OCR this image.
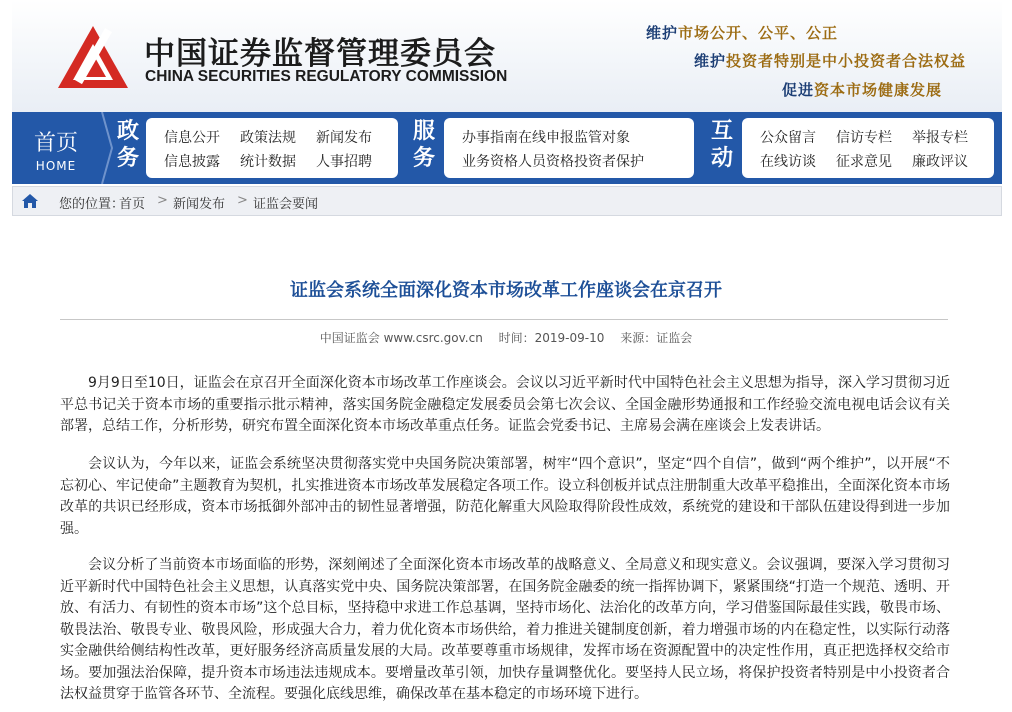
中国证券监督管理委员会
CHINA SECURITIES REGULATORY COMMISSION
维护市场公开、公平、公正
维护投资者特别是中小投资者合法权益
促进资本市场健康发展
首页
HOME
政
务
信息公开 政策法规 新闻发布
信息披露 统计数据 人事招聘
服
务
办事指南 在线申报 监管对象
业务资格 人员资格 投资者保护
互
动
公众留言 信访专栏 举报专栏
在线访谈 征求意见 廉政评议
您的位置：
首页 > 新闻发布 > 证监会要闻
证监会系统全面深化资本市场改革工作座谈会在京召开
中国证监会 www.csrc.gov.cn 时间：2019-09-10 来源：证监会
9月9日至10日，证监会在京召开全面深化资本市场改革工作座谈会。会议以习近平新时代中国特色社会主义思想为指导，深入学习贯彻习近平总书记关于资本市场的重要指示批示精神，落实国务院金融稳定发展委员会第七次会议、全国金融形势通报和工作经验交流电视电话会议有关部署，总结工作，分析形势，研究布置全面深化资本市场改革重点任务。证监会党委书记、主席易会满在座谈会上发表讲话。
会议认为，今年以来，证监会系统坚决贯彻落实党中央国务院决策部署，树牢“四个意识”，坚定“四个自信”，做到“两个维护”，以开展“不忘初心、牢记使命”主题教育为契机，扎实推进资本市场改革发展稳定各项工作。设立科创板并试点注册制重大改革平稳推出，全面深化资本市场改革的共识已经形成，资本市场抵御外部冲击的韧性显著增强，防范化解重大风险取得阶段性成效，系统党的建设和干部队伍建设得到进一步加强。
会议分析了当前资本市场面临的形势，深刻阐述了全面深化资本市场改革的战略意义、全局意义和现实意义。会议强调，要深入学习贯彻习近平新时代中国特色社会主义思想，认真落实党中央、国务院决策部署，在国务院金融委的统一指挥协调下，紧紧围绕“打造一个规范、透明、开放、有活力、有韧性的资本市场”这个总目标，坚持稳中求进工作总基调，坚持市场化、法治化的改革方向，学习借鉴国际最佳实践，敬畏市场、敬畏法治、敬畏专业、敬畏风险，形成强大合力，着力优化资本市场供给，着力推进关键制度创新，着力增强市场的内在稳定性，以实际行动落实金融供给侧结构性改革，更好服务经济高质量发展的大局。改革要尊重市场规律，发挥市场在资源配置中的决定性作用，真正把选择权交给市场。要加强法治保障，提升资本市场违法违规成本。要增量改革引领，加快存量调整优化。要坚持人民立场，将保护投资者特别是中小投资者合法权益贯穿于监管各环节、全流程。要强化底线思维，确保改革在基本稳定的市场环境下进行。
